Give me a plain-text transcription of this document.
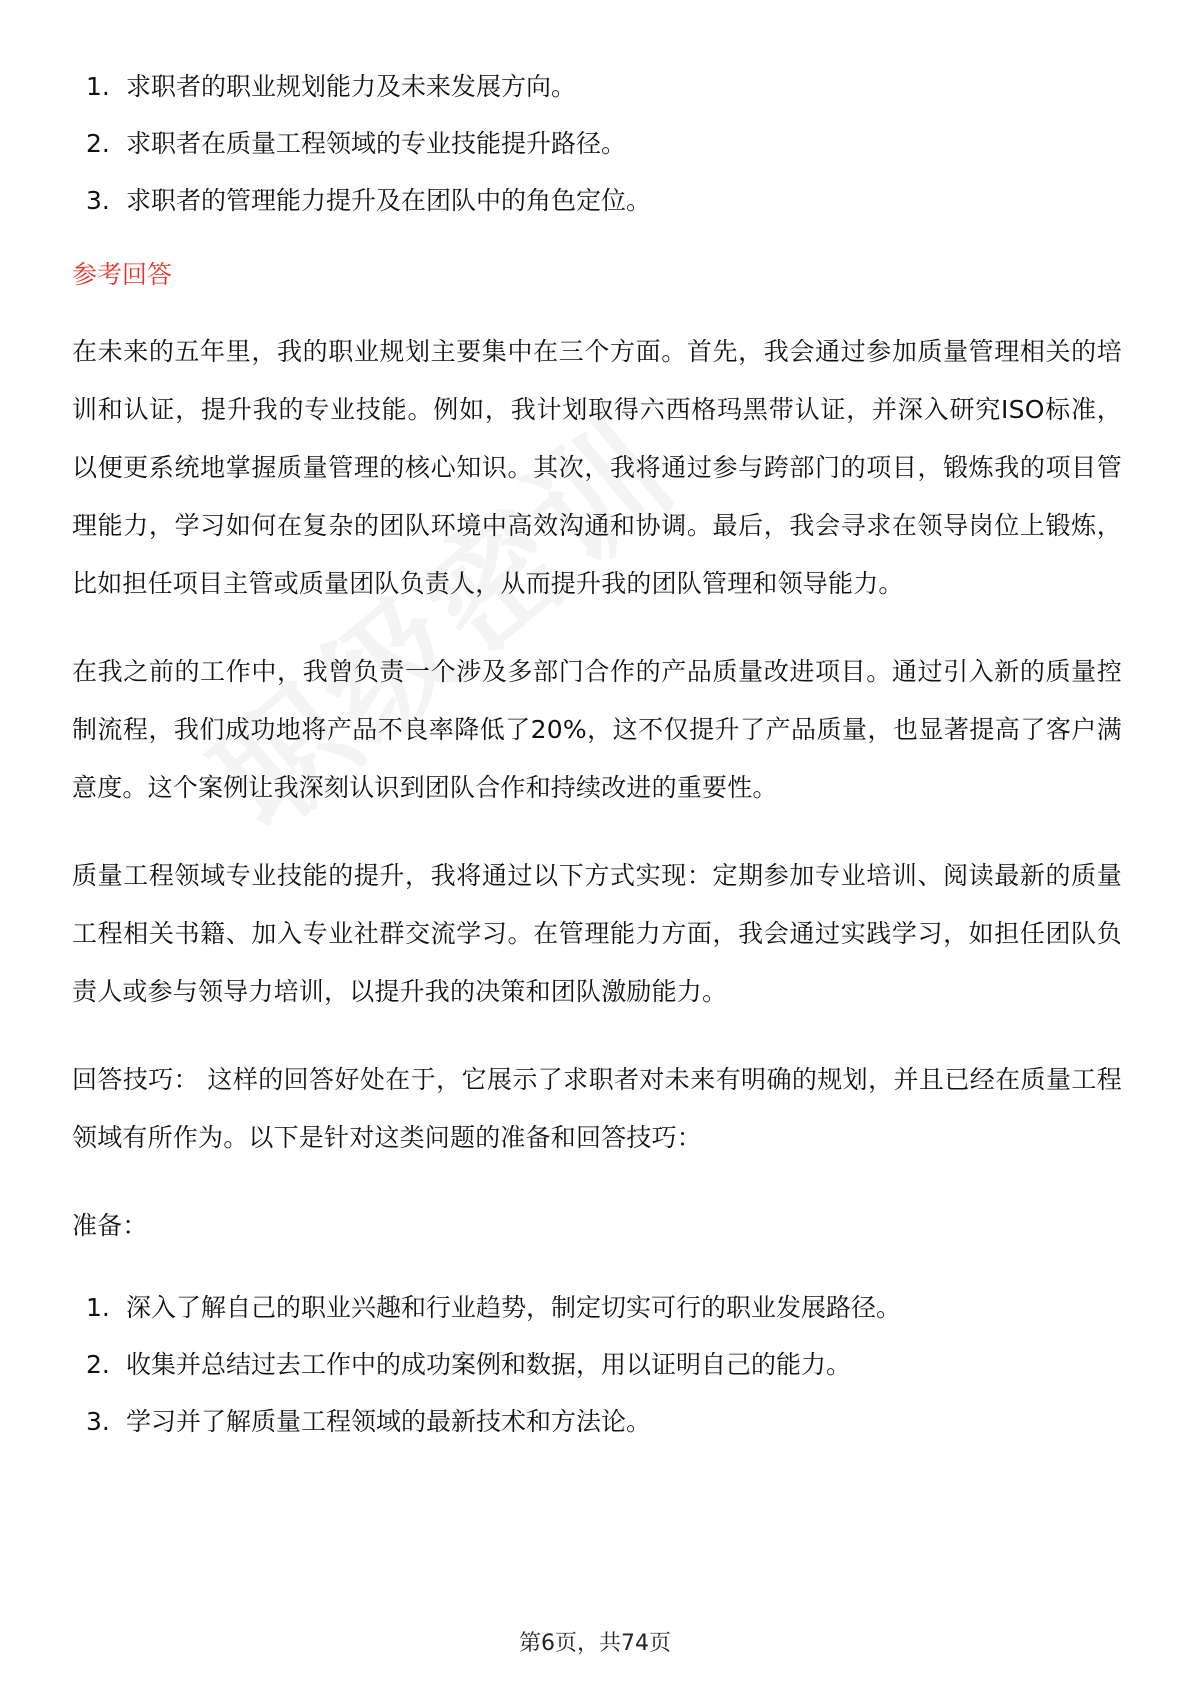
1. 求职者的职业规划能力及未来发展方向。
2. 求职者在质量工程领域的专业技能提升路径。
3. 求职者的管理能力提升及在团队中的角色定位。
参考回答

在未来的五年里，我的职业规划主要集中在三个方面。首先，我会通过参加质量管理相关的培训和认证，提升我的专业技能。例如，我计划取得六西格玛黑带认证，并深入研究ISO标准，以便更系统地掌握质量管理的核心知识。其次，我将通过参与跨部门的项目，锻炼我的项目管理能力，学习如何在复杂的团队环境中高效沟通和协调。最后，我会寻求在领导岗位上锻炼，比如担任项目主管或质量团队负责人，从而提升我的团队管理和领导能力。

在我之前的工作中，我曾负责一个涉及多部门合作的产品质量改进项目。通过引入新的质量控制流程，我们成功地将产品不良率降低了20%，这不仅提升了产品质量，也显著提高了客户满意度。这个案例让我深刻认识到团队合作和持续改进的重要性。

质量工程领域专业技能的提升，我将通过以下方式实现：定期参加专业培训、阅读最新的质量工程相关书籍、加入专业社群交流学习。在管理能力方面，我会通过实践学习，如担任团队负责人或参与领导力培训，以提升我的决策和团队激励能力。

回答技巧： 这样的回答好处在于，它展示了求职者对未来有明确的规划，并且已经在质量工程领域有所作为。以下是针对这类问题的准备和回答技巧：

准备：

1. 深入了解自己的职业兴趣和行业趋势，制定切实可行的职业发展路径。
2. 收集并总结过去工作中的成功案例和数据，用以证明自己的能力。
3. 学习并了解质量工程领域的最新技术和方法论。
第6页，共74页
